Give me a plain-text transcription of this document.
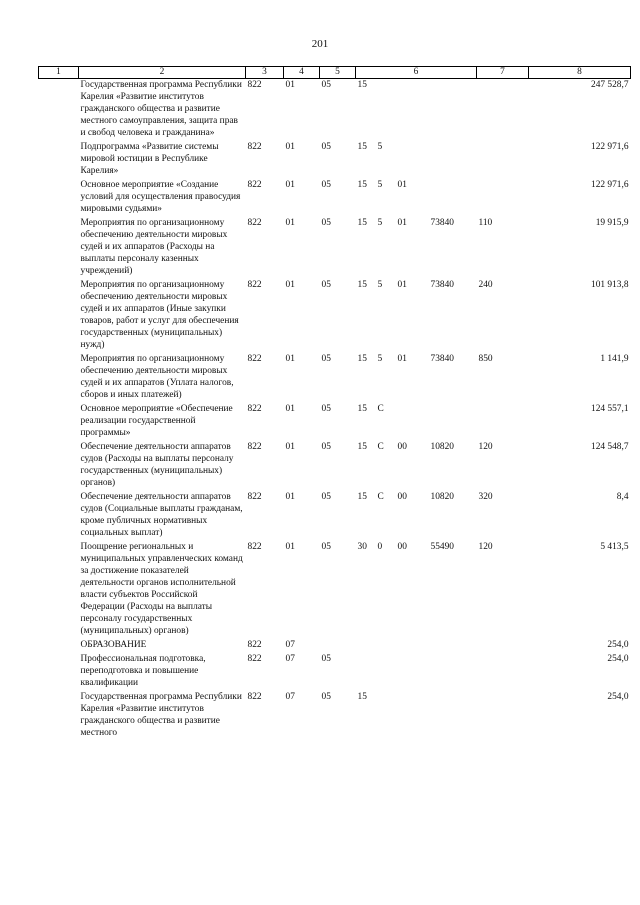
201
1	2	3	4	5	6				7	8
	Государственная программа Республики Карелия «Развитие институтов гражданского общества и развитие местного самоуправления, защита прав и свобод человека и гражданина»	822	01	05	15					247 528,7
	Подпрограмма «Развитие системы мировой юстиции в Республике Карелия»	822	01	05	15	5				122 971,6
	Основное мероприятие «Создание условий для осуществления правосудия мировыми судьями»	822	01	05	15	5	01			122 971,6
	Мероприятия по организационному обеспечению деятельности мировых судей и их аппаратов (Расходы на выплаты персоналу казенных учреждений)	822	01	05	15	5	01	73840	110	19 915,9
	Мероприятия по организационному обеспечению деятельности мировых судей и их аппаратов (Иные закупки товаров, работ и услуг для обеспечения государственных (муниципальных) нужд)	822	01	05	15	5	01	73840	240	101 913,8
	Мероприятия по организационному обеспечению деятельности мировых судей и их аппаратов (Уплата налогов, сборов и иных платежей)	822	01	05	15	5	01	73840	850	1 141,9
	Основное мероприятие «Обеспечение реализации государственной программы»	822	01	05	15	С				124 557,1
	Обеспечение деятельности аппаратов судов (Расходы на выплаты персоналу государственных (муниципальных) органов)	822	01	05	15	С	00	10820	120	124 548,7
	Обеспечение деятельности аппаратов судов (Социальные выплаты гражданам, кроме публичных нормативных социальных выплат)	822	01	05	15	С	00	10820	320	8,4
	Поощрение региональных и муниципальных управленческих команд за достижение показателей деятельности органов исполнительной власти субъектов Российской Федерации (Расходы на выплаты персоналу государственных (муниципальных) органов)	822	01	05	30	0	00	55490	120	5 413,5
	ОБРАЗОВАНИЕ	822	07							254,0
	Профессиональная подготовка, переподготовка и повышение квалификации	822	07	05						254,0
	Государственная программа Республики Карелия «Развитие институтов гражданского общества и развитие местного	822	07	05	15					254,0
